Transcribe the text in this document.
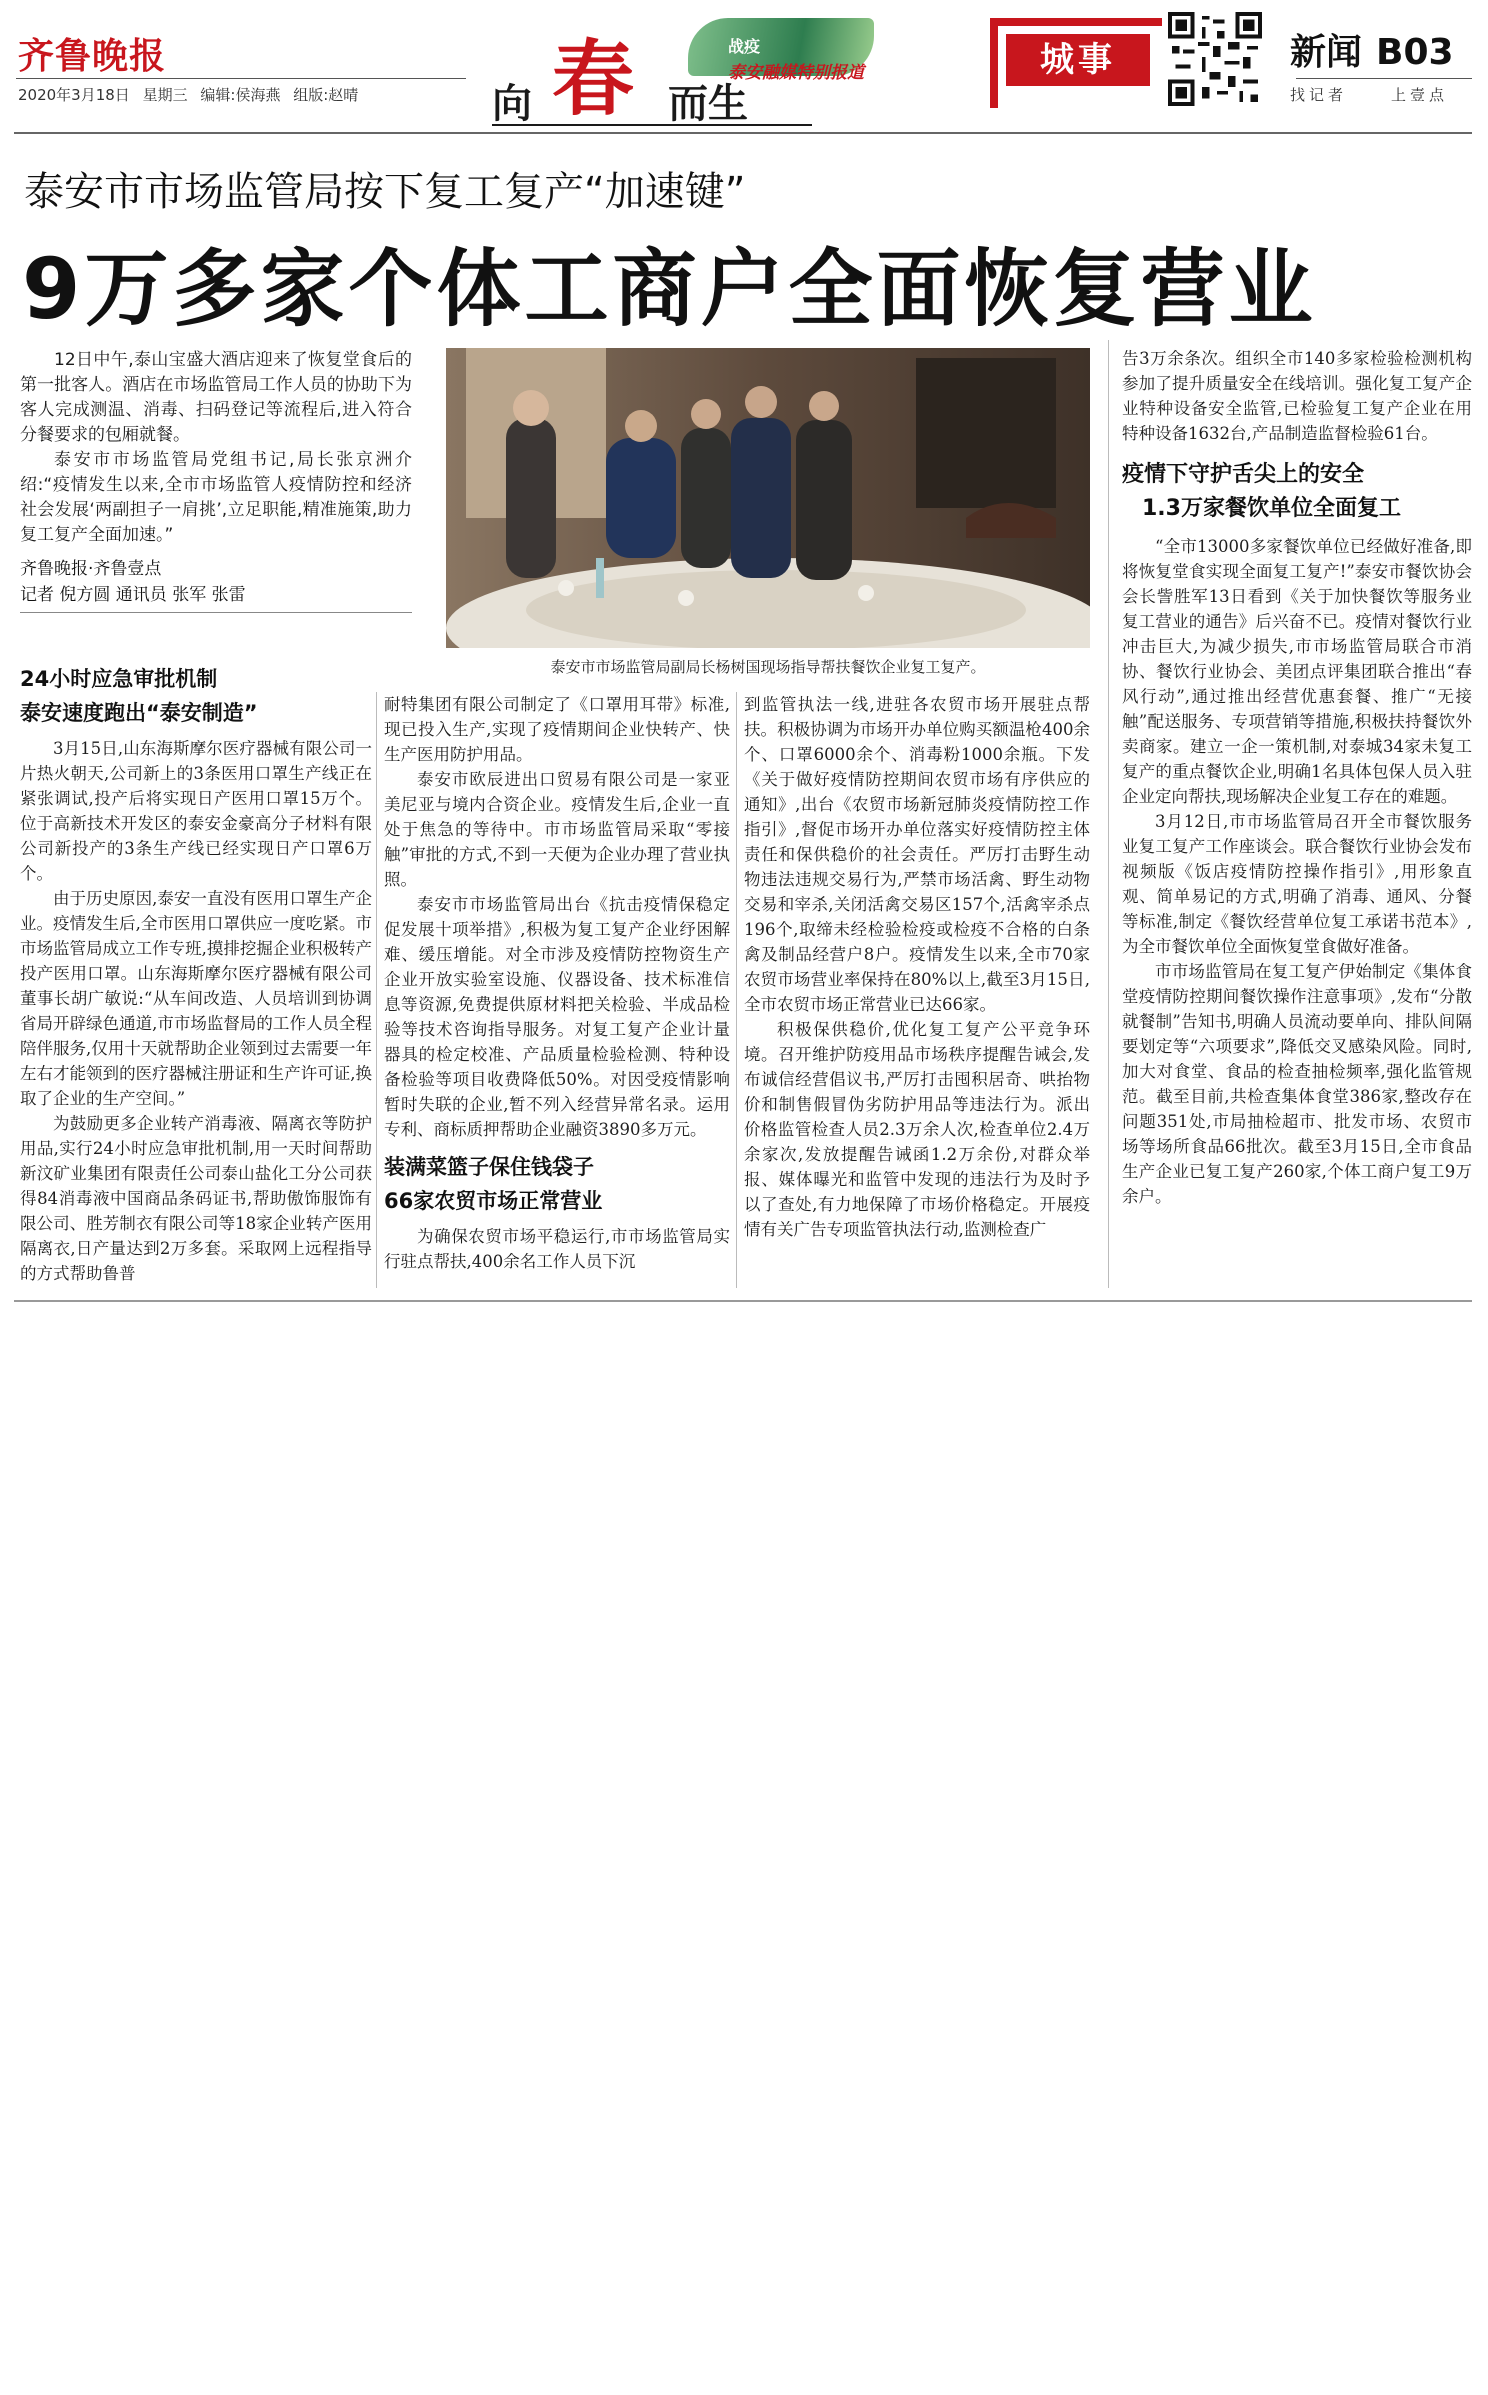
齐鲁晚报
2020年3月18日 星期三 编辑:侯海燕 组版:赵晴	向 春 而生
战疫
泰安融媒特别报道	城事	新闻 B03
找记者	上壹点
泰安市市场监管局按下复工复产“加速键”
9万多家个体工商户全面恢复营业

12日中午,泰山宝盛大酒店迎来了恢复堂食后的第一批客人。酒店在市场监管局工作人员的协助下为客人完成测温、消毒、扫码登记等流程后,进入符合分餐要求的包厢就餐。

泰安市市场监管局党组书记,局长张京洲介绍:“疫情发生以来,全市市场监管人疫情防控和经济社会发展‘两副担子一肩挑’,立足职能,精准施策,助力复工复产全面加速。”

齐鲁晚报·齐鲁壹点
记者 倪方圆 通讯员 张军 张雷
泰安市市场监管局副局长杨树国现场指导帮扶餐饮企业复工复产。
24小时应急审批机制
泰安速度跑出“泰安制造”

3月15日,山东海斯摩尔医疗器械有限公司一片热火朝天,公司新上的3条医用口罩生产线正在紧张调试,投产后将实现日产医用口罩15万个。位于高新技术开发区的泰安金豪高分子材料有限公司新投产的3条生产线已经实现日产口罩6万个。

由于历史原因,泰安一直没有医用口罩生产企业。疫情发生后,全市医用口罩供应一度吃紧。市市场监管局成立工作专班,摸排挖掘企业积极转产投产医用口罩。山东海斯摩尔医疗器械有限公司董事长胡广敏说:“从车间改造、人员培训到协调省局开辟绿色通道,市市场监督局的工作人员全程陪伴服务,仅用十天就帮助企业领到过去需要一年左右才能领到的医疗器械注册证和生产许可证,换取了企业的生产空间。”

为鼓励更多企业转产消毒液、隔离衣等防护用品,实行24小时应急审批机制,用一天时间帮助新汶矿业集团有限责任公司泰山盐化工分公司获得84消毒液中国商品条码证书,帮助傲饰服饰有限公司、胜芳制衣有限公司等18家企业转产医用隔离衣,日产量达到2万多套。采取网上远程指导的方式帮助鲁普

耐特集团有限公司制定了《口罩用耳带》标准,现已投入生产,实现了疫情期间企业快转产、快生产医用防护用品。

泰安市欧辰进出口贸易有限公司是一家亚美尼亚与境内合资企业。疫情发生后,企业一直处于焦急的等待中。市市场监管局采取“零接触”审批的方式,不到一天便为企业办理了营业执照。

泰安市市场监管局出台《抗击疫情保稳定促发展十项举措》,积极为复工复产企业纾困解难、缓压增能。对全市涉及疫情防控物资生产企业开放实验室设施、仪器设备、技术标准信息等资源,免费提供原材料把关检验、半成品检验等技术咨询指导服务。对复工复产企业计量器具的检定校准、产品质量检验检测、特种设备检验等项目收费降低50%。对因受疫情影响暂时失联的企业,暂不列入经营异常名录。运用专利、商标质押帮助企业融资3890多万元。

装满菜篮子保住钱袋子
66家农贸市场正常营业

为确保农贸市场平稳运行,市市场监管局实行驻点帮扶,400余名工作人员下沉

到监管执法一线,进驻各农贸市场开展驻点帮扶。积极协调为市场开办单位购买额温枪400余个、口罩6000余个、消毒粉1000余瓶。下发《关于做好疫情防控期间农贸市场有序供应的通知》,出台《农贸市场新冠肺炎疫情防控工作指引》,督促市场开办单位落实好疫情防控主体责任和保供稳价的社会责任。严厉打击野生动物违法违规交易行为,严禁市场活禽、野生动物交易和宰杀,关闭活禽交易区157个,活禽宰杀点196个,取缔未经检验检疫或检疫不合格的白条禽及制品经营户8户。疫情发生以来,全市70家农贸市场营业率保持在80%以上,截至3月15日,全市农贸市场正常营业已达66家。

积极保供稳价,优化复工复产公平竞争环境。召开维护防疫用品市场秩序提醒告诫会,发布诚信经营倡议书,严厉打击囤积居奇、哄抬物价和制售假冒伪劣防护用品等违法行为。派出价格监管检查人员2.3万余人次,检查单位2.4万余家次,发放提醒告诫函1.2万余份,对群众举报、媒体曝光和监管中发现的违法行为及时予以了查处,有力地保障了市场价格稳定。开展疫情有关广告专项监管执法行动,监测检查广

告3万余条次。组织全市140多家检验检测机构参加了提升质量安全在线培训。强化复工复产企业特种设备安全监管,已检验复工复产企业在用特种设备1632台,产品制造监督检验61台。

疫情下守护舌尖上的安全
1.3万家餐饮单位全面复工

“全市13000多家餐饮单位已经做好准备,即将恢复堂食实现全面复工复产!”泰安市餐饮协会会长訾胜军13日看到《关于加快餐饮等服务业复工营业的通告》后兴奋不已。疫情对餐饮行业冲击巨大,为减少损失,市市场监管局联合市消协、餐饮行业协会、美团点评集团联合推出“春风行动”,通过推出经营优惠套餐、推广“无接触”配送服务、专项营销等措施,积极扶持餐饮外卖商家。建立一企一策机制,对泰城34家未复工复产的重点餐饮企业,明确1名具体包保人员入驻企业定向帮扶,现场解决企业复工存在的难题。

3月12日,市市场监管局召开全市餐饮服务业复工复产工作座谈会。联合餐饮行业协会发布视频版《饭店疫情防控操作指引》,用形象直观、简单易记的方式,明确了消毒、通风、分餐等标准,制定《餐饮经营单位复工承诺书范本》,为全市餐饮单位全面恢复堂食做好准备。

市市场监管局在复工复产伊始制定《集体食堂疫情防控期间餐饮操作注意事项》,发布“分散就餐制”告知书,明确人员流动要单向、排队间隔要划定等“六项要求”,降低交叉感染风险。同时,加大对食堂、食品的检查抽检频率,强化监管规范。截至目前,共检查集体食堂386家,整改存在问题351处,市局抽检超市、批发市场、农贸市场等场所食品66批次。截至3月15日,全市食品生产企业已复工复产260家,个体工商户复工9万余户。
